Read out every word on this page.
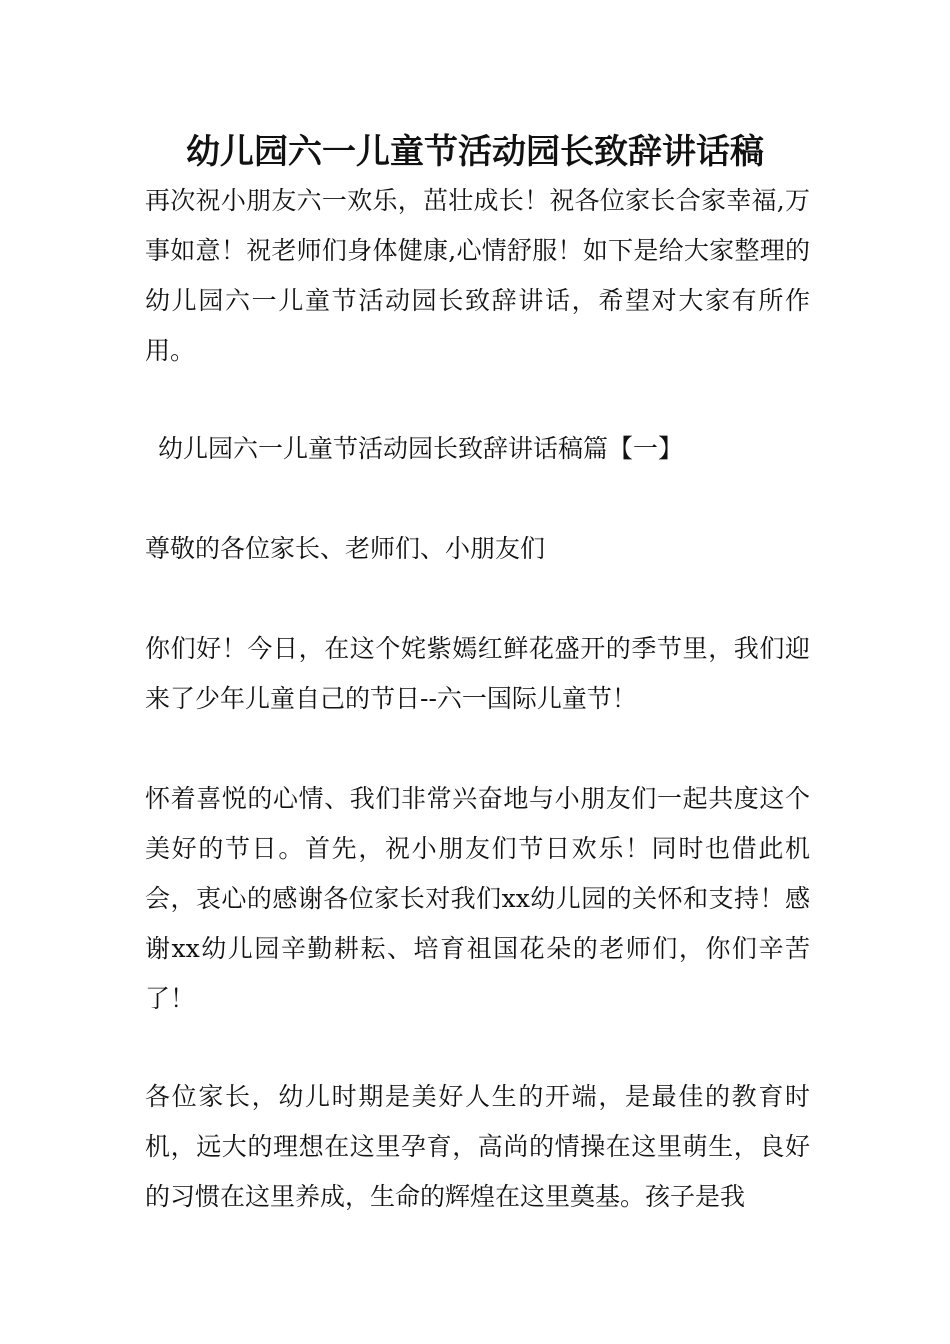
幼儿园六一儿童节活动园长致辞讲话稿

再次祝小朋友六一欢乐，茁壮成长！祝各位家长合家幸福,万事如意！祝老师们身体健康,心情舒服！如下是给大家整理的幼儿园六一儿童节活动园长致辞讲话，希望对大家有所作用。

幼儿园六一儿童节活动园长致辞讲话稿篇【一】

尊敬的各位家长、老师们、小朋友们

你们好！今日，在这个姹紫嫣红鲜花盛开的季节里，我们迎来了少年儿童自己的节日--六一国际儿童节！

怀着喜悦的心情、我们非常兴奋地与小朋友们一起共度这个美好的节日。首先，祝小朋友们节日欢乐！同时也借此机会，衷心的感谢各位家长对我们xx幼儿园的关怀和支持！感谢xx幼儿园辛勤耕耘、培育祖国花朵的老师们，你们辛苦了！

各位家长，幼儿时期是美好人生的开端，是最佳的教育时机，远大的理想在这里孕育，高尚的情操在这里萌生，良好的习惯在这里养成，生命的辉煌在这里奠基。孩子是我
